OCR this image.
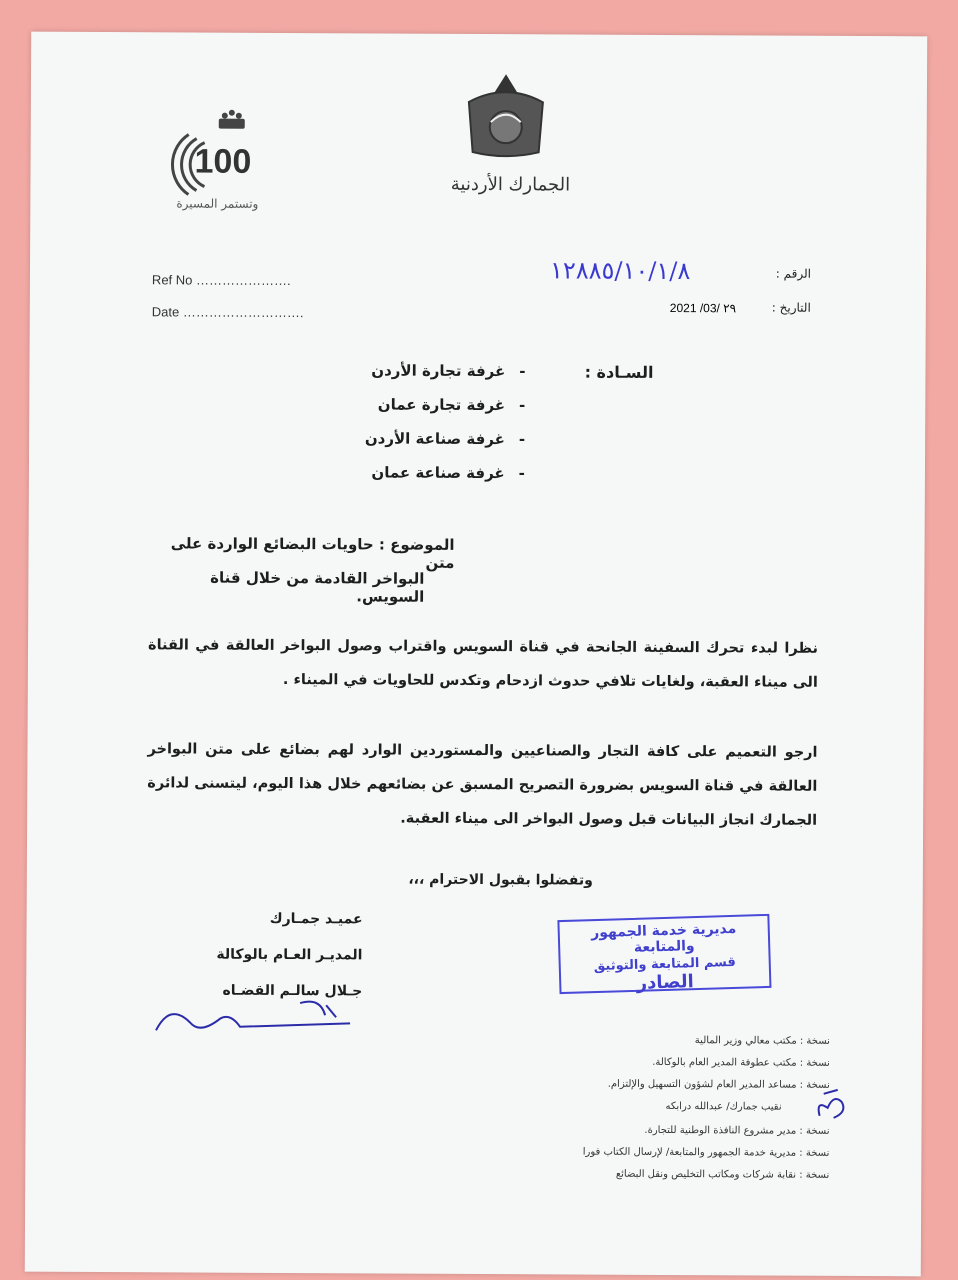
100
وتستمر المسيرة
الجمارك الأردنية
Ref No ………………….
Date ……………………….
الرقم :
١٢٨٨٥/١٠/١/٨
التاريخ :
2021 /03/ ٢٩
السـادة :
-غرفة تجارة الأردن
-غرفة تجارة عمان
-غرفة صناعة الأردن
-غرفة صناعة عمان
الموضوع : حاويات البضائع الواردة على متن
البواخر القادمة من خلال قناة السويس.
نظرا لبدء تحرك السفينة الجانحة في قناة السويس واقتراب وصول البواخر العالقة في القناة الى ميناء العقبة، ولغايات تلافي حدوث ازدحام وتكدس للحاويات في الميناء .
ارجو التعميم على كافة التجار والصناعيين والمستوردين الوارد لهم بضائع على متن البواخر العالقة في قناة السويس بضرورة التصريح المسبق عن بضائعهم خلال هذا اليوم، ليتسنى لدائرة الجمارك انجاز البيانات قبل وصول البواخر الى ميناء العقبة.
وتفضلوا بقبول الاحترام ،،،
عميـد جمـارك
المديـر العـام بالوكالة
جـلال سالـم القضـاه
مديرية خدمة الجمهور والمتابعة
قسم المتابعة والتوثيق
الصادر
نسخة : مكتب معالي وزير المالية
نسخة : مكتب عطوفة المدير العام بالوكالة.
نسخة : مساعد المدير العام لشؤون التسهيل والإلتزام.
نقيب جمارك/ عبدالله درابكه
نسخة : مدير مشروع النافذة الوطنية للتجارة.
نسخة : مديرية خدمة الجمهور والمتابعة/ لإرسال الكتاب فورا
نسخة : نقابة شركات ومكاتب التخليص ونقل البضائع
